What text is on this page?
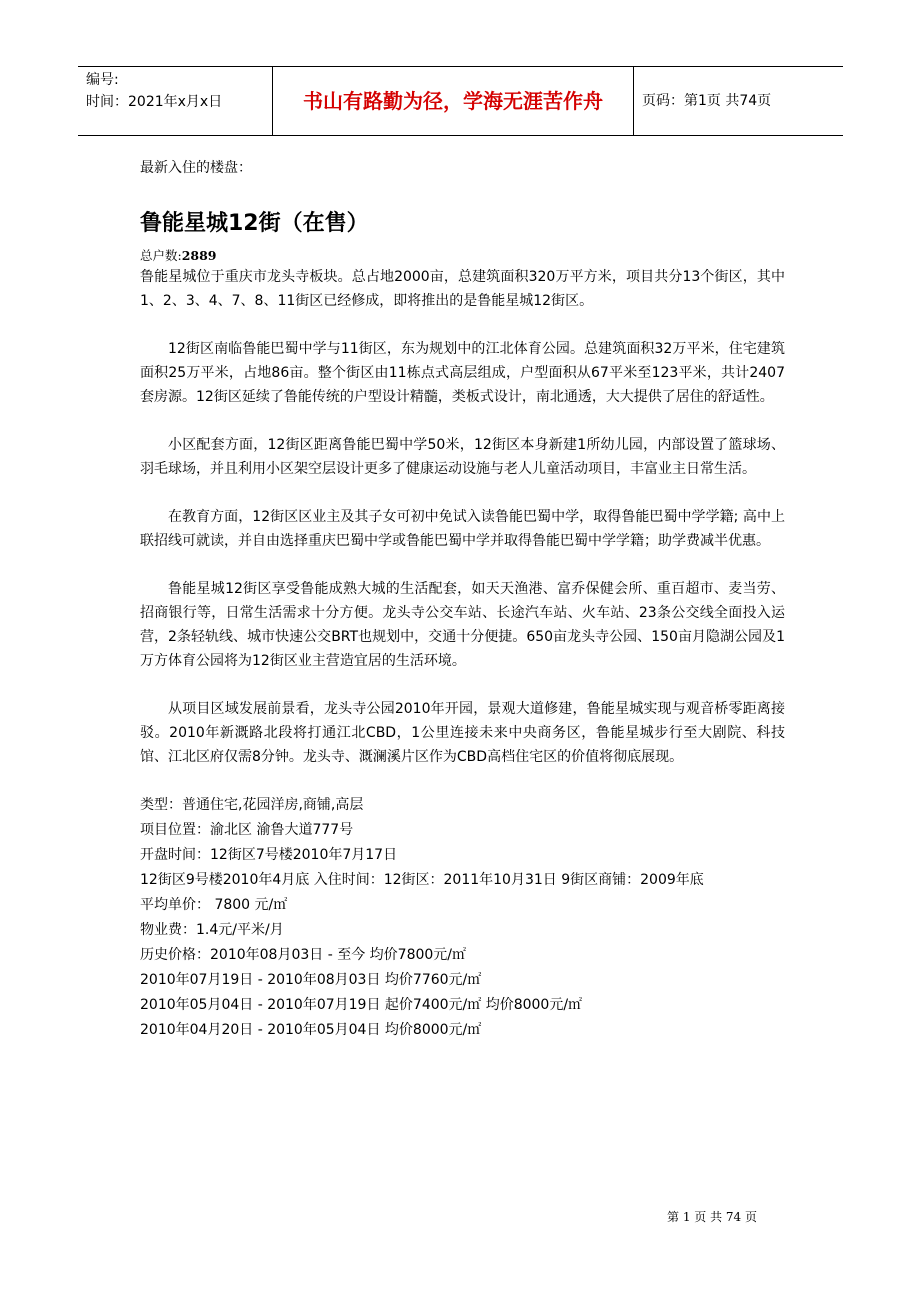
编号:
时间：2021年x月x日	书山有路勤为径，学海无涯苦作舟	页码：第1页 共74页
最新入住的楼盘：
鲁能星城12街（在售）
总户数:2889

鲁能星城位于重庆市龙头寺板块。总占地2000亩，总建筑面积320万平方米，项目共分13个街区，其中1、2、3、4、7、8、11街区已经修成，即将推出的是鲁能星城12街区。

12街区南临鲁能巴蜀中学与11街区，东为规划中的江北体育公园。总建筑面积32万平米，住宅建筑面积25万平米，占地86亩。整个街区由11栋点式高层组成，户型面积从67平米至123平米，共计2407套房源。12街区延续了鲁能传统的户型设计精髓，类板式设计，南北通透，大大提供了居住的舒适性。

小区配套方面，12街区距离鲁能巴蜀中学50米，12街区本身新建1所幼儿园，内部设置了篮球场、羽毛球场，并且利用小区架空层设计更多了健康运动设施与老人儿童活动项目，丰富业主日常生活。

在教育方面，12街区区业主及其子女可初中免试入读鲁能巴蜀中学，取得鲁能巴蜀中学学籍; 高中上联招线可就读，并自由选择重庆巴蜀中学或鲁能巴蜀中学并取得鲁能巴蜀中学学籍；助学费减半优惠。

鲁能星城12街区享受鲁能成熟大城的生活配套，如天天渔港、富乔保健会所、重百超市、麦当劳、招商银行等，日常生活需求十分方便。龙头寺公交车站、长途汽车站、火车站、23条公交线全面投入运营，2条轻轨线、城市快速公交BRT也规划中，交通十分便捷。650亩龙头寺公园、150亩月隐湖公园及1万方体育公园将为12街区业主营造宜居的生活环境。

从项目区域发展前景看，龙头寺公园2010年开园，景观大道修建，鲁能星城实现与观音桥零距离接驳。2010年新溉路北段将打通江北CBD，1公里连接未来中央商务区，鲁能星城步行至大剧院、科技馆、江北区府仅需8分钟。龙头寺、溉澜溪片区作为CBD高档住宅区的价值将彻底展现。

类型：普通住宅,花园洋房,商铺,高层
项目位置：渝北区 渝鲁大道777号
开盘时间：12街区7号楼2010年7月17日
12街区9号楼2010年4月底 入住时间：12街区：2011年10月31日 9街区商铺：2009年底
平均单价： 7800 元/㎡
物业费：1.4元/平米/月
历史价格：2010年08月03日 - 至今 均价7800元/㎡
2010年07月19日 - 2010年08月03日 均价7760元/㎡
2010年05月04日 - 2010年07月19日 起价7400元/㎡ 均价8000元/㎡
2010年04月20日 - 2010年05月04日 均价8000元/㎡
第 1 页 共 74 页
